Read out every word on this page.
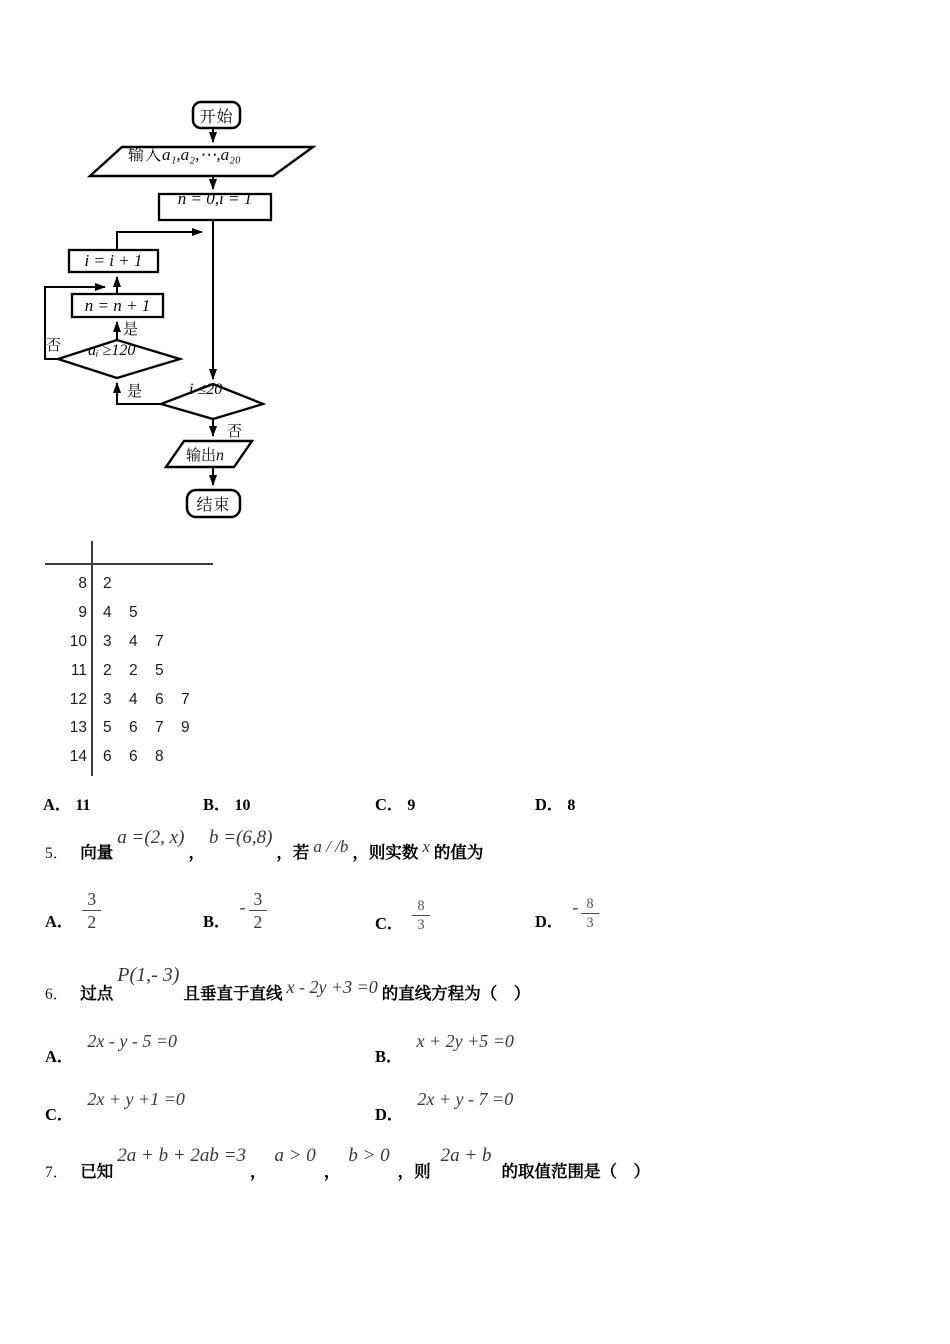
开始
输入a₁,a₂,⋯,a₂₀
n = 0,i = 1
i = i + 1
n = n + 1
aᵢ ≥120
是
否
是	i ≤20
否
输出n
结束
8 2
9 4	5
10 3	4	7
11 2	2	5
12 3	4	6	7
13 5	6	7	9
14 6	6	8
A． 11	B． 10	C． 9	D． 8
5． 向量 a =(2, x) ， b =(6,8) ，若 a / /b ，则实数 x 的值为
A． $\frac{3}{2}$	B．
- $\frac{3}{2}$	C． $\frac{8}{3}$	D．
- $\frac{8}{3}$
6． 过点 P(1,- 3) 且垂直于直线 x - 2y +3 =0 的直线方程为（　）
A． 2x - y - 5 =0
B． x + 2y +5 =0
C． 2x + y +1 =0
D． 2x + y - 7 =0
7． 已知 2a + b + 2ab =3 ， a > 0 ， b > 0 ，则 2a + b 的取值范围是（　）
